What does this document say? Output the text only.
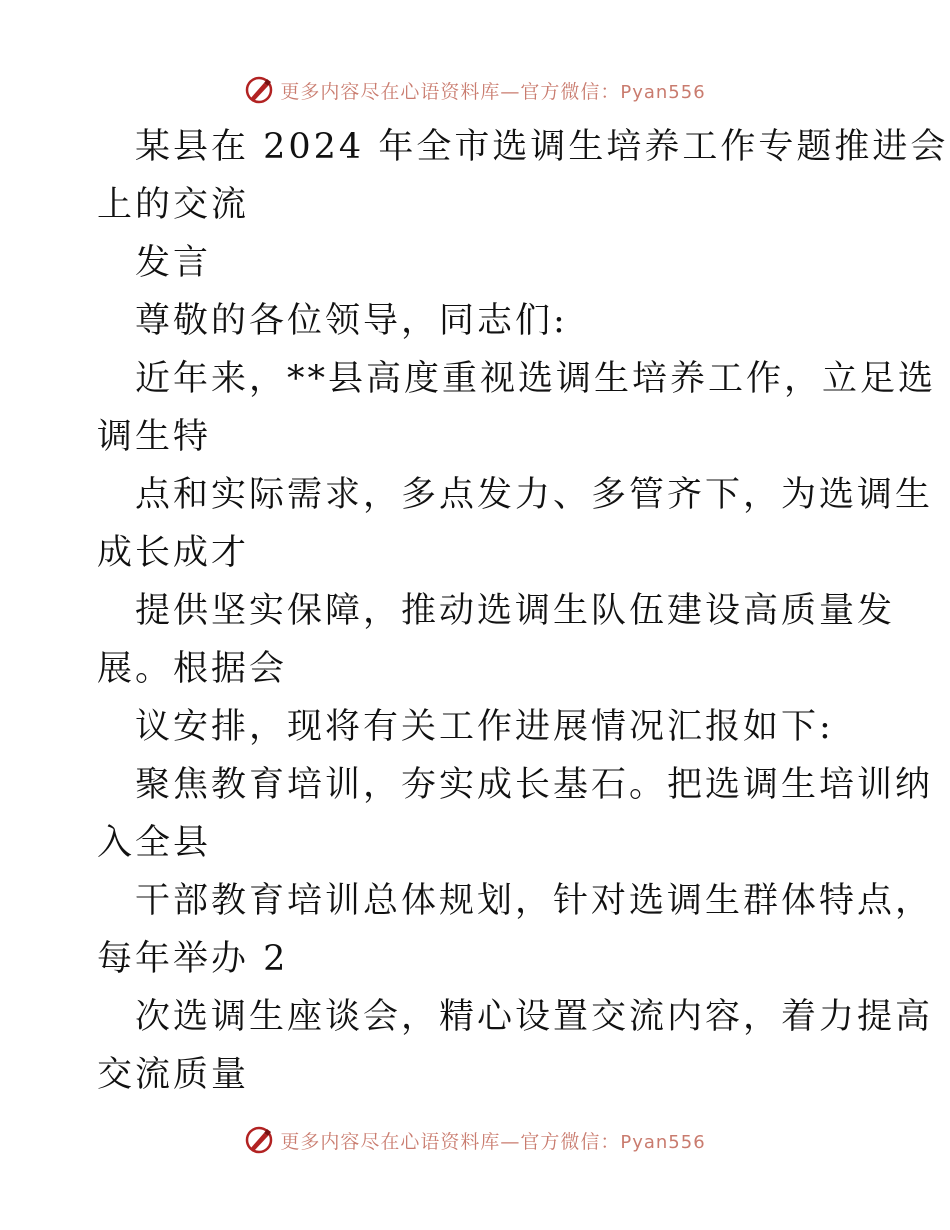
更多内容尽在心语资料库—官方微信：Pyan556
某县在 2024 年全市选调生培养工作专题推进会
上的交流
发言
尊敬的各位领导，同志们:
近年来，**县高度重视选调生培养工作，立足选
调生特
点和实际需求，多点发力、多管齐下，为选调生
成长成才
提供坚实保障，推动选调生队伍建设高质量发
展。根据会
议安排，现将有关工作进展情况汇报如下:
聚焦教育培训，夯实成长基石。把选调生培训纳
入全县
干部教育培训总体规划，针对选调生群体特点，
每年举办 2
次选调生座谈会，精心设置交流内容，着力提高
交流质量
更多内容尽在心语资料库—官方微信：Pyan556
